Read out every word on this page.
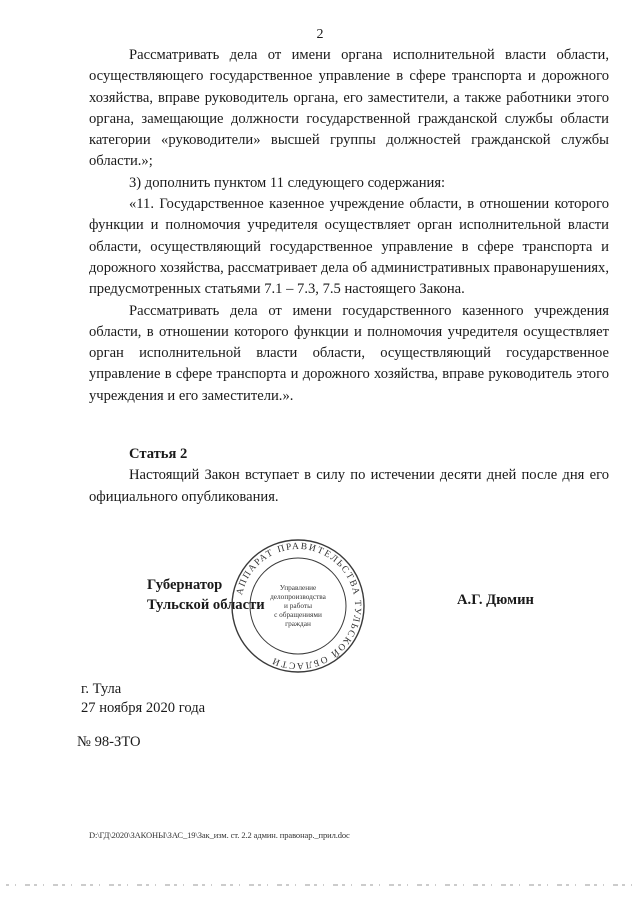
2

Рассматривать дела от имени органа исполнительной власти области, осуществляющего государственное управление в сфере транспорта и дорожного хозяйства, вправе руководитель органа, его заместители, а также работники этого органа, замещающие должности государственной гражданской службы области категории «руководители» высшей группы должностей гражданской службы области.»;

3) дополнить пунктом 11 следующего содержания:

«11. Государственное казенное учреждение области, в отношении которого функции и полномочия учредителя осуществляет орган исполнительной власти области, осуществляющий государственное управление в сфере транспорта и дорожного хозяйства, рассматривает дела об административных правонарушениях, предусмотренных статьями 7.1 – 7.3, 7.5 настоящего Закона.

Рассматривать дела от имени государственного казенного учреждения области, в отношении которого функции и полномочия учредителя осуществляет орган исполнительной власти области, осуществляющий государственное управление в сфере транспорта и дорожного хозяйства, вправе руководитель этого учреждения и его заместители.».

Статья 2

Настоящий Закон вступает в силу по истечении десяти дней после дня его официального опубликования.

Губернатор
Тульской области
АППАРАТ ПРАВИТЕЛЬСТВА ТУЛЬСКОЙ ОБЛАСТИ
Управление
делопроизводства
и работы
с обращениями
граждан
А.Г. Дюмин
г. Тула
27 ноября 2020 года
№ 98-ЗТО
D:\ГД\2020\ЗАКОНЫ\ЗАС_19\Зак_изм. ст. 2.2 админ. правонар._прил.doc
